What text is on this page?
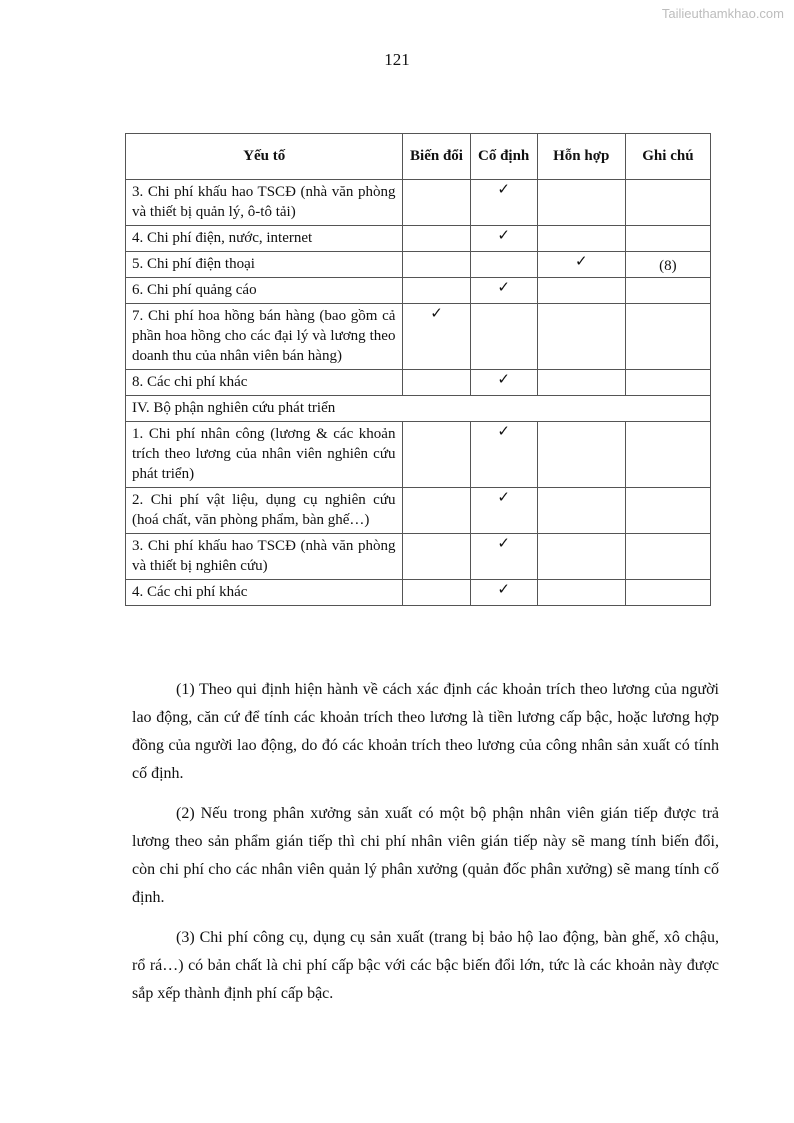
Tailieuthamkhao.com
121
Yếu tố	Biến đổi	Cố định	Hỗn hợp	Ghi chú
3. Chi phí khấu hao TSCĐ (nhà văn phòng và thiết bị quản lý, ô-tô tải)		✓		
4. Chi phí điện, nước, internet		✓		
5. Chi phí điện thoại			✓	(8)
6. Chi phí quảng cáo		✓		
7. Chi phí hoa hồng bán hàng (bao gồm cả phần hoa hồng cho các đại lý và lương theo doanh thu của nhân viên bán hàng)	✓			
8. Các chi phí khác		✓		
IV. Bộ phận nghiên cứu phát triển				
1. Chi phí nhân công (lương & các khoản trích theo lương của nhân viên nghiên cứu phát triển)		✓		
2. Chi phí vật liệu, dụng cụ nghiên cứu (hoá chất, văn phòng phẩm, bàn ghế…)		✓		
3. Chi phí khấu hao TSCĐ (nhà văn phòng và thiết bị nghiên cứu)		✓		
4. Các chi phí khác		✓		

(1) Theo qui định hiện hành về cách xác định các khoản trích theo lương của người lao động, căn cứ để tính các khoản trích theo lương là tiền lương cấp bậc, hoặc lương hợp đồng của người lao động, do đó các khoản trích theo lương của công nhân sản xuất có tính cố định.

(2) Nếu trong phân xưởng sản xuất có một bộ phận nhân viên gián tiếp được trả lương theo sản phẩm gián tiếp thì chi phí nhân viên gián tiếp này sẽ mang tính biến đổi, còn chi phí cho các nhân viên quản lý phân xưởng (quản đốc phân xưởng) sẽ mang tính cố định.

(3) Chi phí công cụ, dụng cụ sản xuất (trang bị bảo hộ lao động, bàn ghế, xô chậu, rổ rá…) có bản chất là chi phí cấp bậc với các bậc biến đổi lớn, tức là các khoản này được sắp xếp thành định phí cấp bậc.
